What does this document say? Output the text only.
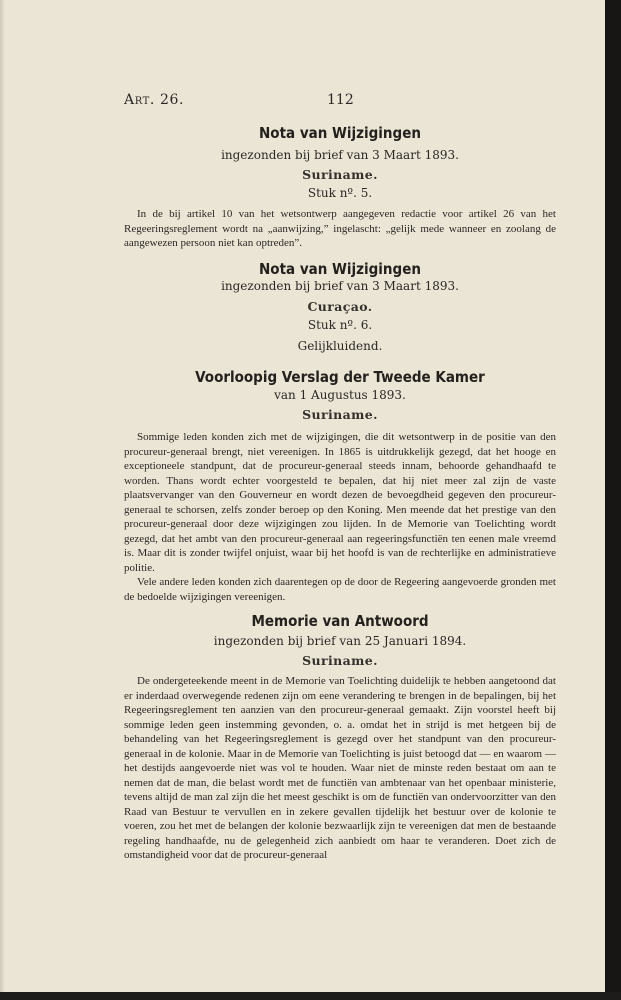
Art. 26.	112
Nota van Wijzigingen

ingezonden bij brief van 3 Maart 1893.

Suriname.

Stuk nº. 5.

In de bij artikel 10 van het wetsontwerp aangegeven redactie voor artikel 26 van het Regeeringsreglement wordt na „aanwijzing,” ingelascht: „gelijk mede wanneer en zoolang de aangewezen persoon niet kan optreden”.

Nota van Wijzigingen

ingezonden bij brief van 3 Maart 1893.

Curaçao.

Stuk nº. 6.

Gelijkluidend.

Voorloopig Verslag der Tweede Kamer

van 1 Augustus 1893.

Suriname.

Sommige leden konden zich met de wijzigingen, die dit wetsontwerp in de positie van den procureur-generaal brengt, niet vereenigen. In 1865 is uitdrukkelijk gezegd, dat het hooge en exceptioneele standpunt, dat de procureur-generaal steeds innam, behoorde gehandhaafd te worden. Thans wordt echter voorgesteld te bepalen, dat hij niet meer zal zijn de vaste plaatsvervanger van den Gouverneur en wordt dezen de bevoegdheid gegeven den procureur-generaal te schorsen, zelfs zonder beroep op den Koning. Men meende dat het prestige van den procureur-generaal door deze wijzigingen zou lijden. In de Memorie van Toelichting wordt gezegd, dat het ambt van den procureur-generaal aan regeeringsfunctiën ten eenen male vreemd is. Maar dit is zonder twijfel onjuist, waar bij het hoofd is van de rechterlijke en administratieve politie.

Vele andere leden konden zich daarentegen op de door de Regeering aangevoerde gronden met de bedoelde wijzigingen vereenigen.

Memorie van Antwoord

ingezonden bij brief van 25 Januari 1894.

Suriname.

De ondergeteekende meent in de Memorie van Toelichting duidelijk te hebben aangetoond dat er inderdaad overwegende redenen zijn om eene verandering te brengen in de bepalingen, bij het Regeeringsreglement ten aanzien van den procureur-generaal gemaakt. Zijn voorstel heeft bij sommige leden geen instemming gevonden, o. a. omdat het in strijd is met hetgeen bij de behandeling van het Regeeringsreglement is gezegd over het standpunt van den procureur-generaal in de kolonie. Maar in de Memorie van Toelichting is juist betoogd dat — en waarom — het destijds aangevoerde niet was vol te houden. Waar niet de minste reden bestaat om aan te nemen dat de man, die belast wordt met de functiën van ambtenaar van het openbaar ministerie, tevens altijd de man zal zijn die het meest geschikt is om de functiën van ondervoorzitter van den Raad van Bestuur te vervullen en in zekere gevallen tijdelijk het bestuur over de kolonie te voeren, zou het met de belangen der kolonie bezwaarlijk zijn te vereenigen dat men de bestaande regeling handhaafde, nu de gelegenheid zich aanbiedt om haar te veranderen. Doet zich de omstandigheid voor dat de procureur-generaal
